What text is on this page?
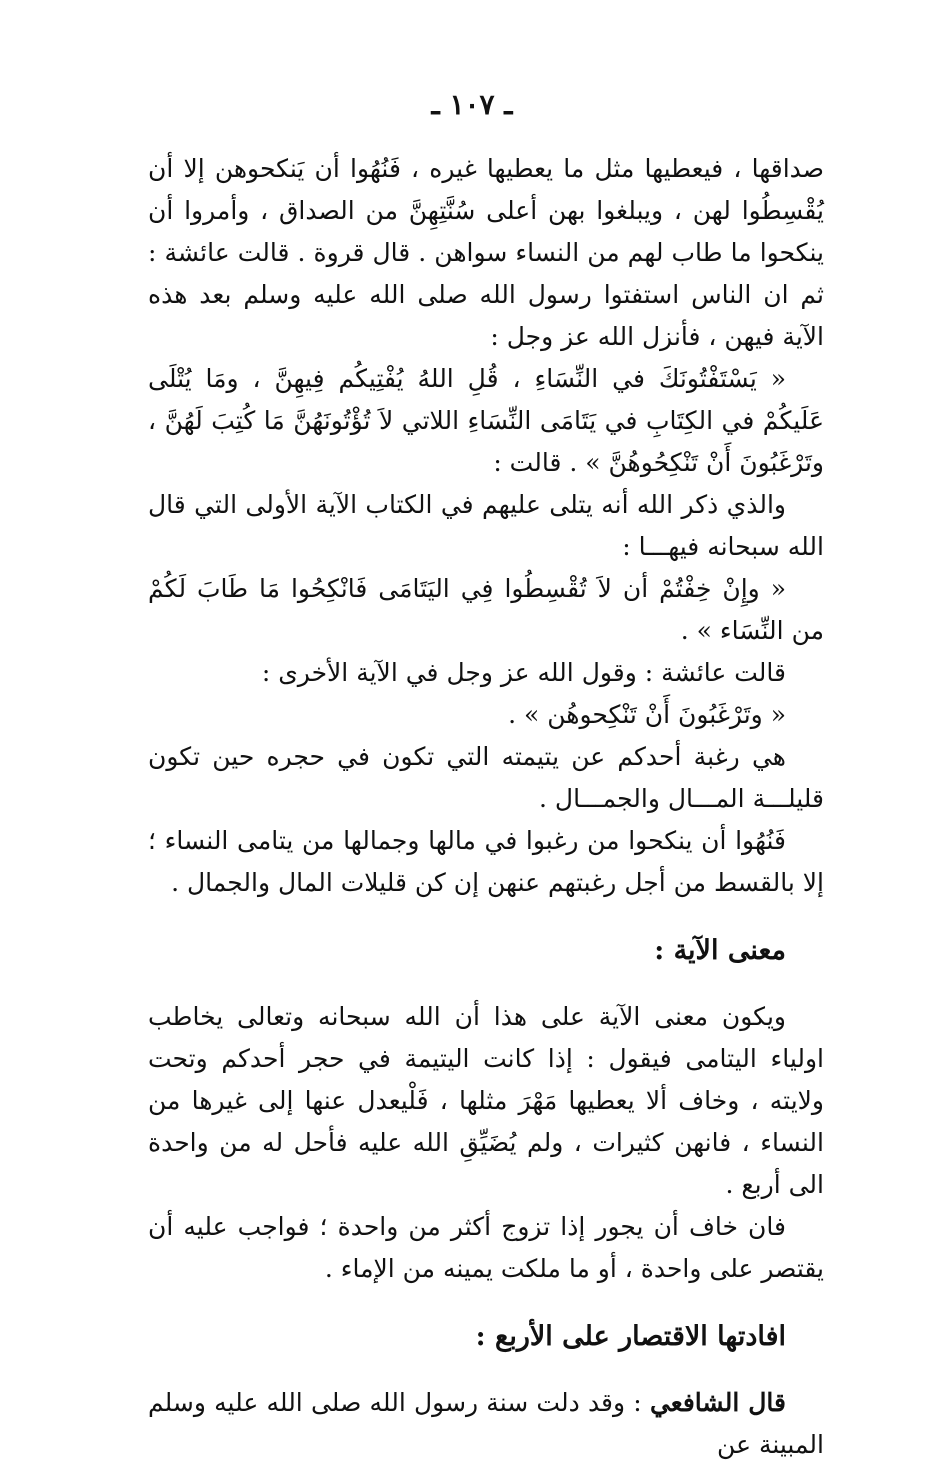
ـ ١٠٧ ـ

صداقها ، فيعطيها مثل ما يعطيها غيره ، فَنُهُوا أن يَنكحوهن إلا أن يُقْسِطُوا لهن ، ويبلغوا بهن أعلى سُنَّتِهِنَّ من الصداق ، وأمروا أن ينكحوا ما طاب لهم من النساء سواهن . قال قروة . قالت عائشة : ثم ان الناس استفتوا رسول الله صلى الله عليه وسلم بعد هذه الآية فيهن ، فأنزل الله عز وجل :

« يَسْتَفْتُونَكَ في النِّسَاءِ ، قُلِ اللهُ يُفْتِيكُم فِيهِنَّ ، ومَا يُتْلَى عَلَيكُمْ في الكِتَابِ في يَتَامَى النِّسَاءِ اللاتي لاَ تُؤْتُونَهُنَّ مَا كُتِبَ لَهُنَّ ، وتَرْغَبُونَ أَنْ تَنْكِحُوهُنَّ » . قالت :

والذي ذكر الله أنه يتلى عليهم في الكتاب الآية الأولى التي قال الله سبحانه فيهـــا :

« وإِنْ خِفْتُمْ أن لاَ تُقْسِطُوا فِي اليَتَامَى فَانْكِحُوا مَا طَابَ لَكُمْ من النِّسَاء » .

قالت عائشة : وقول الله عز وجل في الآية الأخرى :

« وتَرْغَبُونَ أَنْ تَنْكِحوهُن » .

هي رغبة أحدكم عن يتيمته التي تكون في حجره حين تكون قليلـــة المـــال والجمـــال .

فَنُهُوا أن ينكحوا من رغبوا في مالها وجمالها من يتامى النساء ؛ إلا بالقسط من أجل رغبتهم عنهن إن كن قليلات المال والجمال .

معنى الآية :

ويكون معنى الآية على هذا أن الله سبحانه وتعالى يخاطب اولياء اليتامى فيقول : إذا كانت اليتيمة في حجر أحدكم وتحت ولايته ، وخاف ألا يعطيها مَهْرَ مثلها ، فَلْيعدل عنها إلى غيرها من النساء ، فانهن كثيرات ، ولم يُضَيِّقِ الله عليه فأحل له من واحدة الى أربع .

فان خاف أن يجور إذا تزوج أكثر من واحدة ؛ فواجب عليه أن يقتصر على واحدة ، أو ما ملكت يمينه من الإماء .

افادتها الاقتصار على الأربع :

قال الشافعي : وقد دلت سنة رسول الله صلى الله عليه وسلم المبينة عن
